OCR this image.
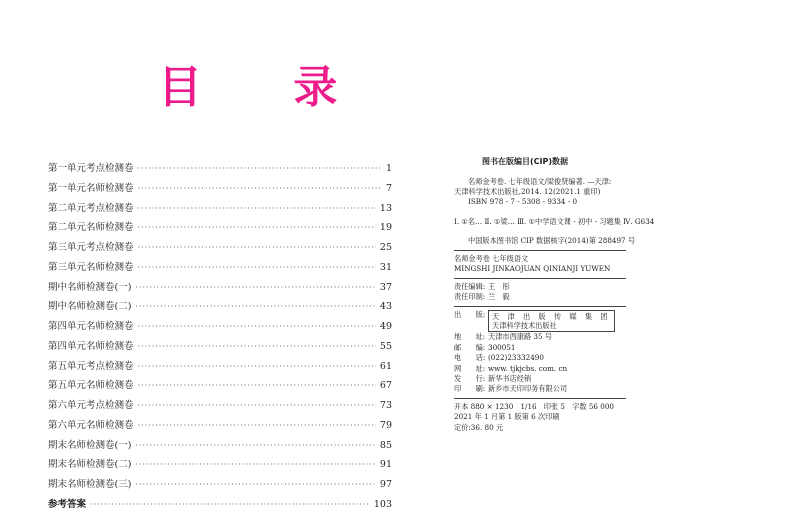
目 录
第一单元考点检测卷 ·····	1
第一单元名师检测卷 ·····	7
第二单元考点检测卷 ·····	13
第二单元名师检测卷 ·····	19
第三单元考点检测卷 ·····	25
第三单元名师检测卷 ·····	31
期中名师检测卷(一) ·····	37
期中名师检测卷(二) ·····	43
第四单元名师检测卷 ·····	49
第四单元名师检测卷 ·····	55
第五单元考点检测卷 ·····	61
第五单元名师检测卷 ·····	67
第六单元考点检测卷 ·····	73
第六单元名师检测卷 ·····	79
期末名师检测卷(一) ·····	85
期末名师检测卷(二) ·····	91
期末名师检测卷(三) ·····	97
参考答案 ·····	103
图书在版编目(CIP)数据
名师金考卷. 七年级语文/梁俊贤编著. —天津:
天津科学技术出版社,2014. 12(2021.1 重印)
ISBN 978 - 7 - 5308 - 9334 - 0
Ⅰ. ①名… Ⅱ. ①梁… Ⅲ. ①中学语文课 - 初中 - 习题集 Ⅳ. G634
中国版本图书馆 CIP 数据核字(2014)第 288497 号
名师金考卷 七年级语文
MINGSHI JINKAOJUAN QINIANJI YUWEN
责任编辑: 王　彤
责任印制: 兰　毅
出　　版: 天 津 出 版 传 媒 集 团
天津科学技术出版社
地　　址: 天津市西康路 35 号
邮　　编: 300051
电　　话: (022)23332490
网　　址: www. tjkjcbs. com. cn
发　　行: 新华书店经销
印　　刷: 新乡市天印印务有限公司
开本 880 × 1230　1/16　印张 5　字数 56 000
2021 年 1 月第 1 版第 6 次印刷
定价:36. 80 元
